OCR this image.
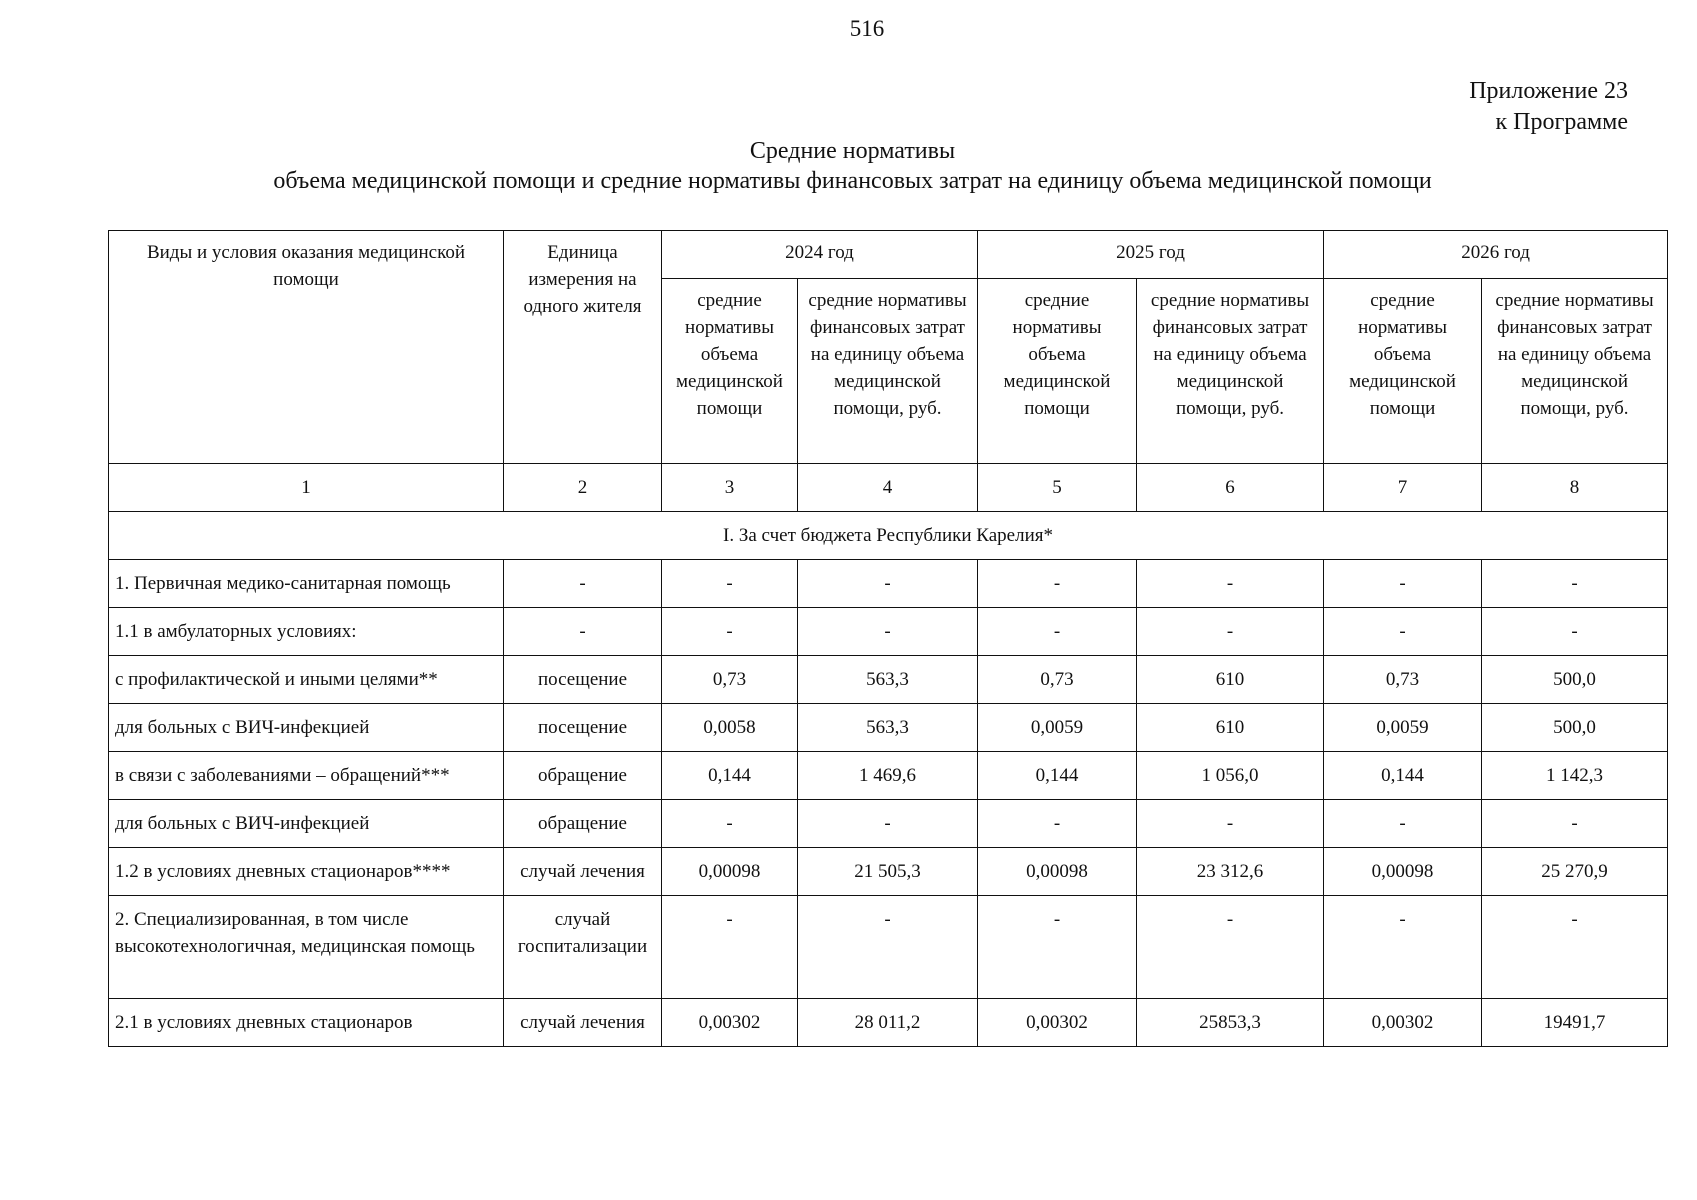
516
Приложение 23
к Программе
Средние нормативы
объема медицинской помощи и средние нормативы финансовых затрат на единицу объема медицинской помощи
Виды и условия оказания медицинской помощи	Единица измерения на одного жителя	2024 год		2025 год		2026 год	
		средние нормативы объема медицинской помощи	средние нормативы финансовых затрат на единицу объема медицинской помощи, руб.	средние нормативы объема медицинской помощи	средние нормативы финансовых затрат на единицу объема медицинской помощи, руб.	средние нормативы объема медицинской помощи	средние нормативы финансовых затрат на единицу объема медицинской помощи, руб.
1	2	3	4	5	6	7	8
I. За счет бюджета Республики Карелия*							
1. Первичная медико-санитарная помощь	-	-	-	-	-	-	-
1.1 в амбулаторных условиях:	-	-	-	-	-	-	-
с профилактической и иными целями**	посещение	0,73	563,3	0,73	610	0,73	500,0
для больных с ВИЧ-инфекцией	посещение	0,0058	563,3	0,0059	610	0,0059	500,0
в связи с заболеваниями – обращений***	обращение	0,144	1 469,6	0,144	1 056,0	0,144	1 142,3
для больных с ВИЧ-инфекцией	обращение	-	-	-	-	-	-
1.2 в условиях дневных стационаров****	случай лечения	0,00098	21 505,3	0,00098	23 312,6	0,00098	25 270,9
2. Специализированная, в том числе высокотехнологичная, медицинская помощь	случай госпитализации	-	-	-	-	-	-
2.1 в условиях дневных стационаров	случай лечения	0,00302	28 011,2	0,00302	25853,3	0,00302	19491,7
